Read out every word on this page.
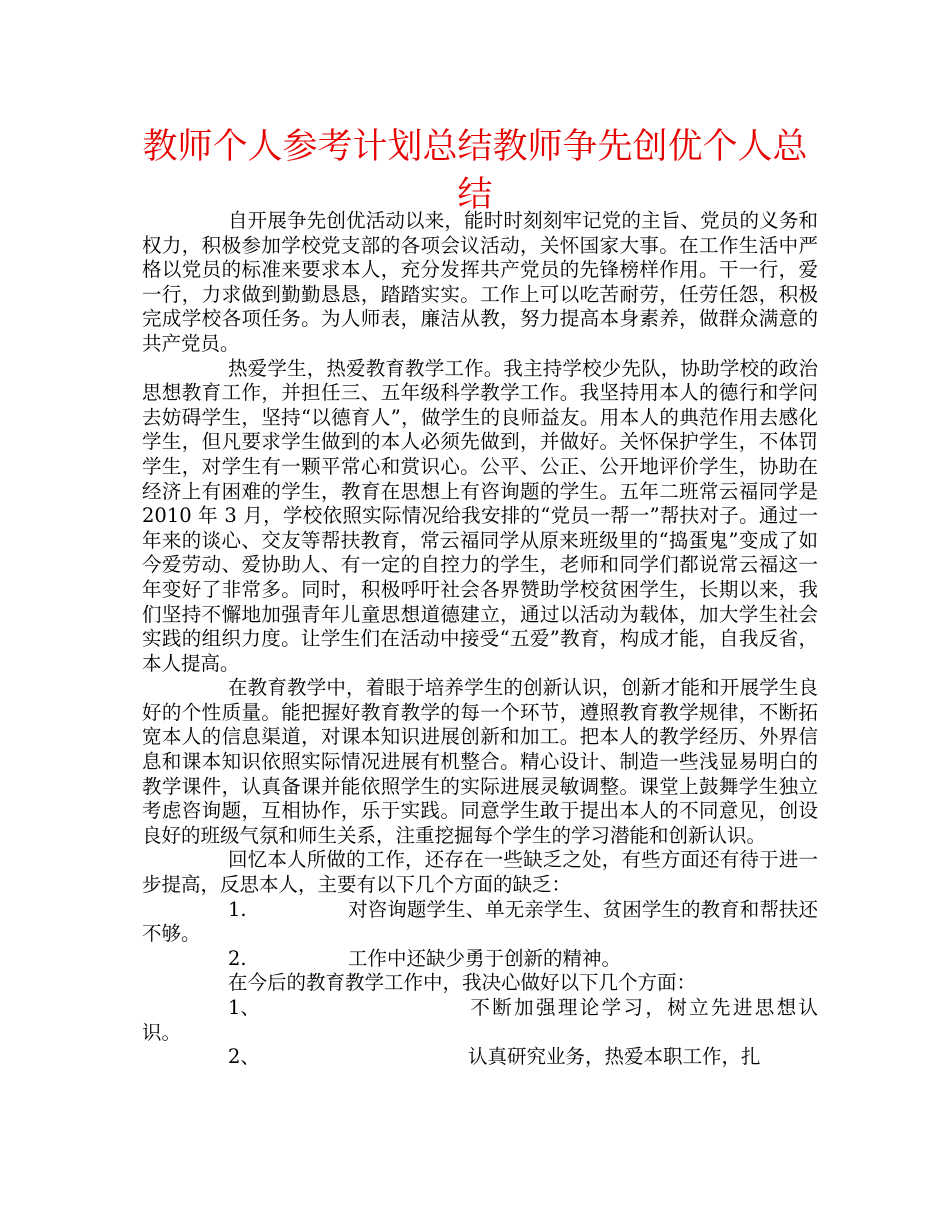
教师个人参考计划总结教师争先创优个人总结

自开展争先创优活动以来，能时时刻刻牢记党的主旨、党员的义务和权力，积极参加学校党支部的各项会议活动，关怀国家大事。在工作生活中严格以党员的标准来要求本人，充分发挥共产党员的先锋榜样作用。干一行，爱一行，力求做到勤勤恳恳，踏踏实实。工作上可以吃苦耐劳，任劳任怨，积极完成学校各项任务。为人师表，廉洁从教，努力提高本身素养，做群众满意的共产党员。

热爱学生，热爱教育教学工作。我主持学校少先队，协助学校的政治思想教育工作，并担任三、五年级科学教学工作。我坚持用本人的德行和学问去妨碍学生，坚持“以德育人”，做学生的良师益友。用本人的典范作用去感化学生，但凡要求学生做到的本人必须先做到，并做好。关怀保护学生，不体罚学生，对学生有一颗平常心和赏识心。公平、公正、公开地评价学生，协助在经济上有困难的学生，教育在思想上有咨询题的学生。五年二班常云福同学是 2010 年 3 月，学校依照实际情况给我安排的“党员一帮一”帮扶对子。通过一年来的谈心、交友等帮扶教育，常云福同学从原来班级里的“捣蛋鬼”变成了如今爱劳动、爱协助人、有一定的自控力的学生，老师和同学们都说常云福这一年变好了非常多。同时，积极呼吁社会各界赞助学校贫困学生，长期以来，我们坚持不懈地加强青年儿童思想道德建立，通过以活动为载体，加大学生社会实践的组织力度。让学生们在活动中接受“五爱”教育，构成才能，自我反省，本人提高。

在教育教学中，着眼于培养学生的创新认识，创新才能和开展学生良好的个性质量。能把握好教育教学的每一个环节，遵照教育教学规律，不断拓宽本人的信息渠道，对课本知识进展创新和加工。把本人的教学经历、外界信息和课本知识依照实际情况进展有机整合。精心设计、制造一些浅显易明白的教学课件，认真备课并能依照学生的实际进展灵敏调整。课堂上鼓舞学生独立考虑咨询题，互相协作，乐于实践。同意学生敢于提出本人的不同意见，创设良好的班级气氛和师生关系，注重挖掘每个学生的学习潜能和创新认识。

回忆本人所做的工作，还存在一些缺乏之处，有些方面还有待于进一步提高，反思本人，主要有以下几个方面的缺乏：

1.	对咨询题学生、单无亲学生、贫困学生的教育和帮扶还不够。

2.	工作中还缺少勇于创新的精神。

在今后的教育教学工作中，我决心做好以下几个方面：

1、	不断加强理论学习，树立先进思想认识。

2、	认真研究业务，热爱本职工作，扎
